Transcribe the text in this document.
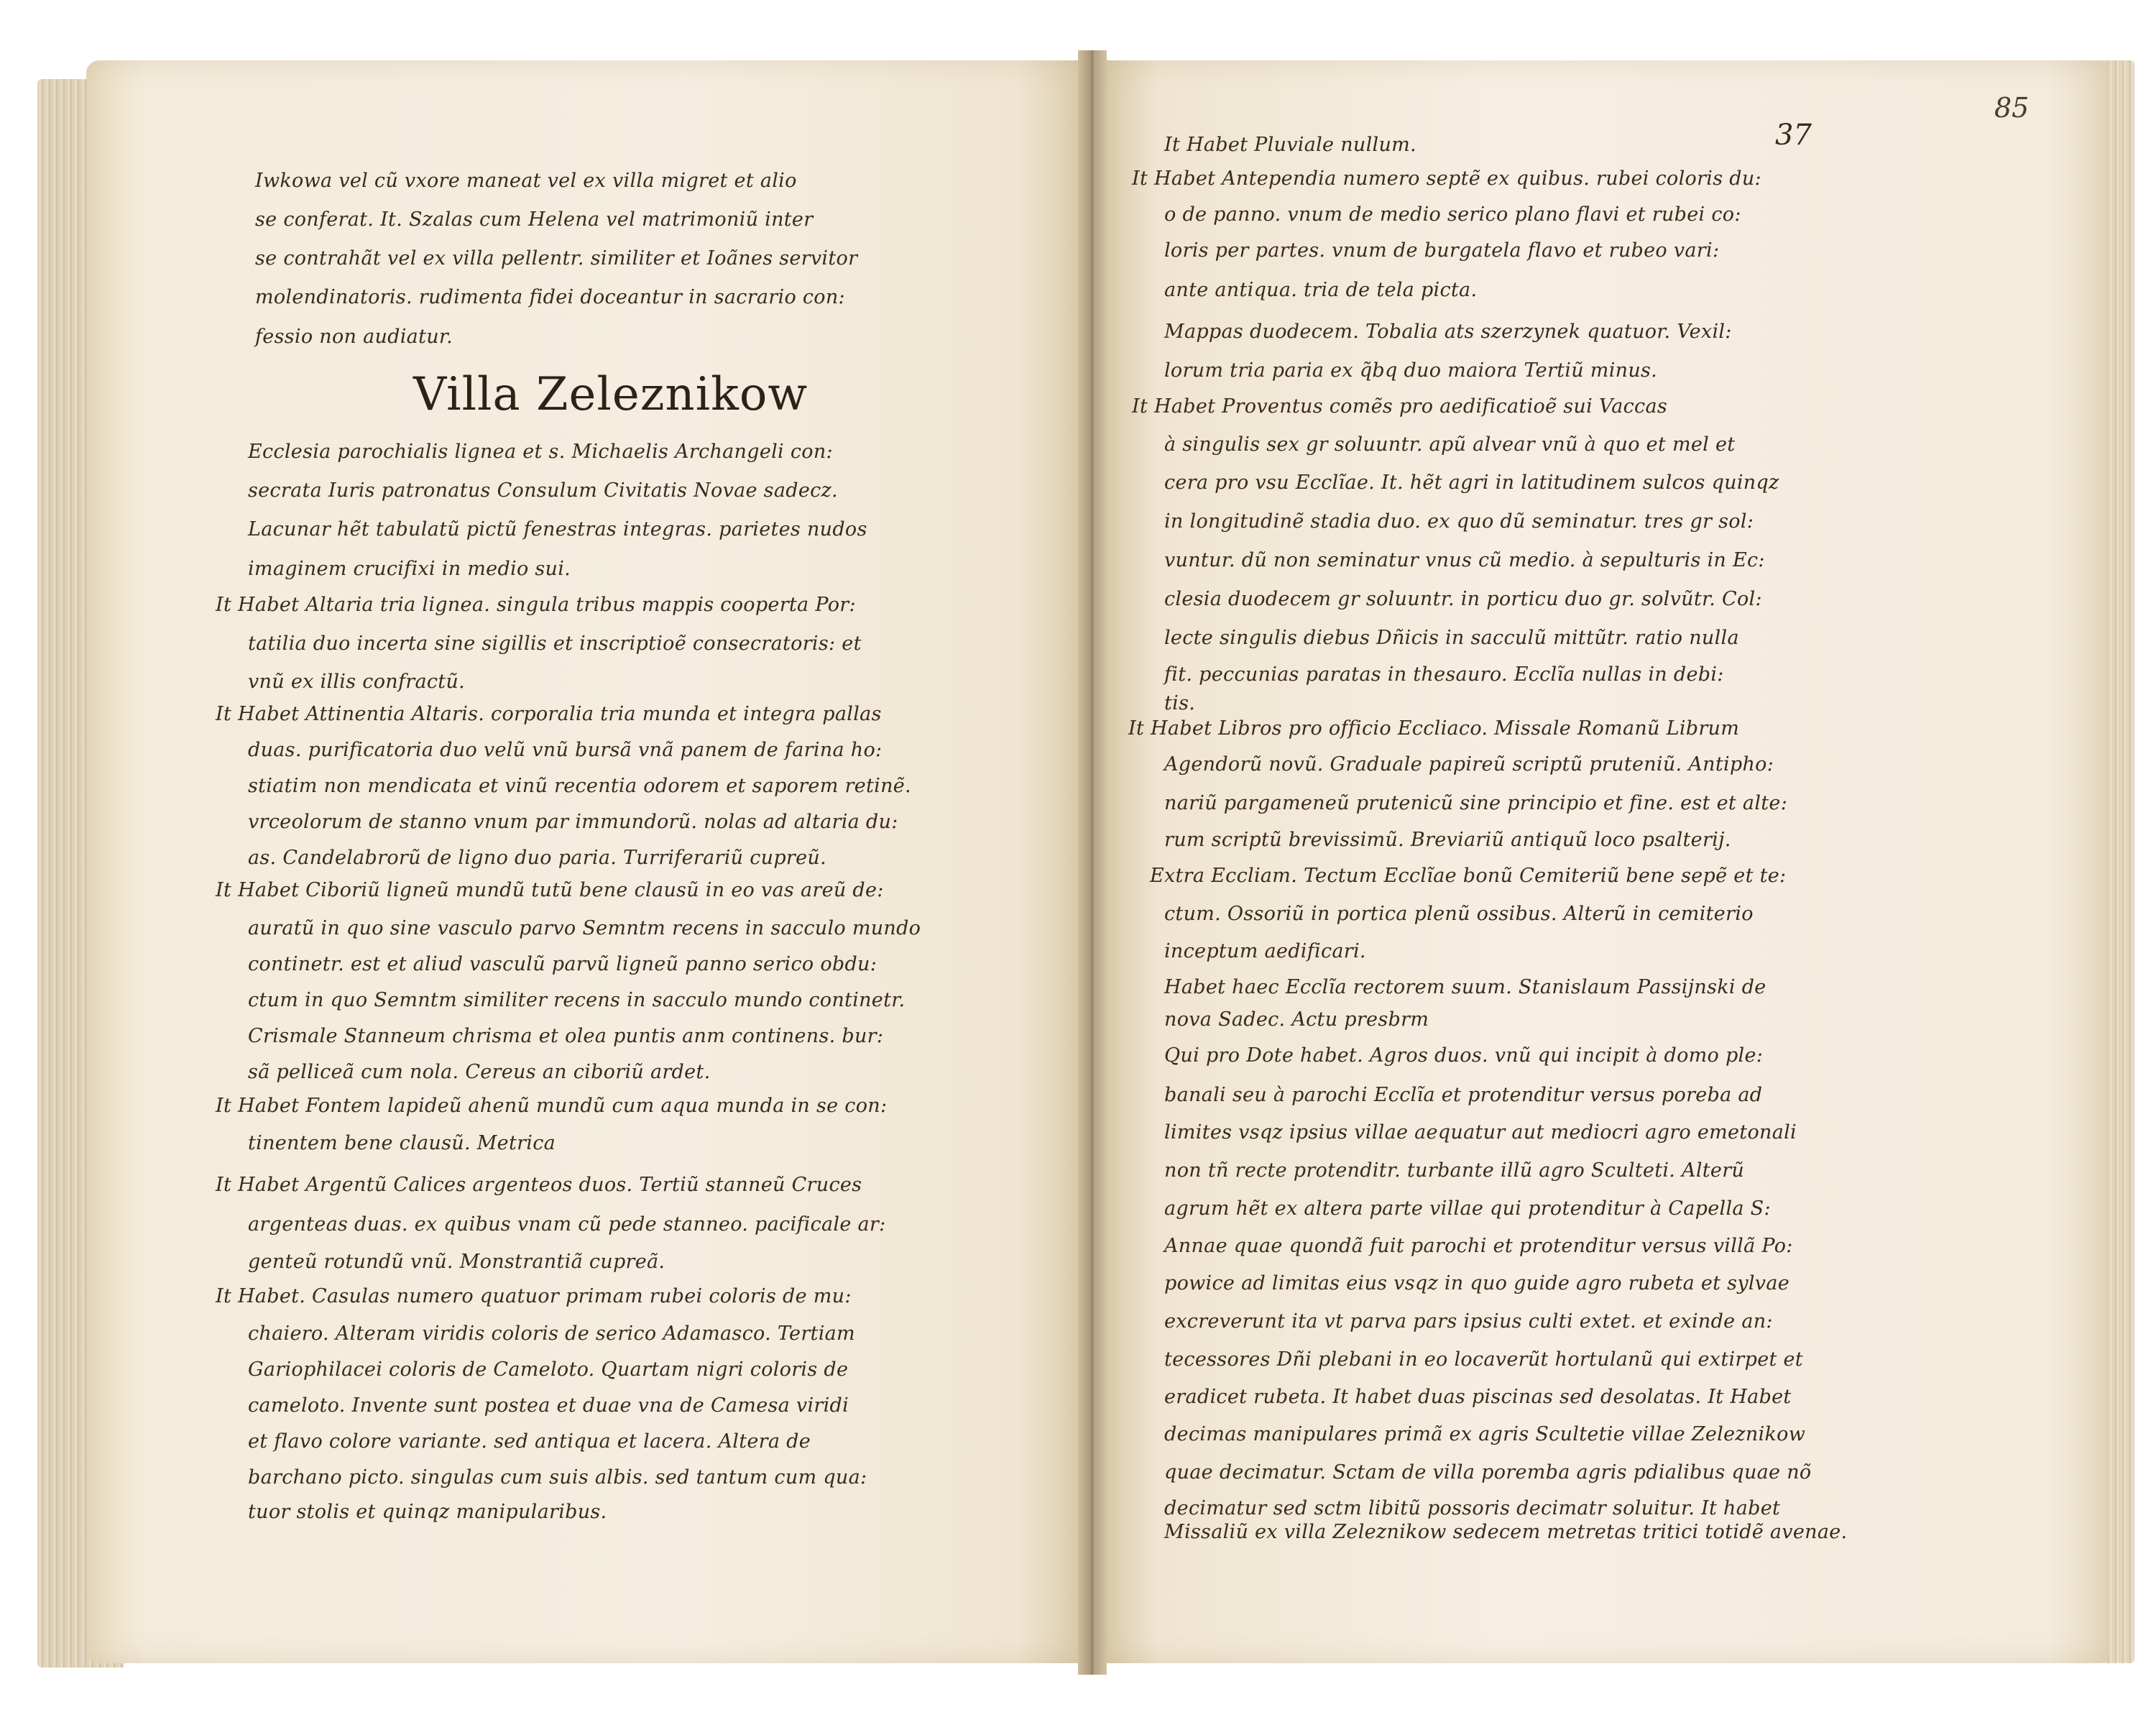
85
37
Iwkowa vel cũ vxore maneat vel ex villa migret et alio
se conferat. It. Szalas cum Helena vel matrimoniũ inter
se contrahãt vel ex villa pellentr. similiter et Ioãnes servitor
molendinatoris. rudimenta fidei doceantur in sacrario con:
fessio non audiatur.
Villa Zeleznikow
Ecclesia parochialis lignea et s. Michaelis Archangeli con:
secrata Iuris patronatus Consulum Civitatis Novae sadecz.
Lacunar hẽt tabulatũ pictũ fenestras integras. parietes nudos
imaginem crucifixi in medio sui.
It Habet Altaria tria lignea. singula tribus mappis cooperta Por:
tatilia duo incerta sine sigillis et inscriptioẽ consecratoris: et
vnũ ex illis confractũ.
It Habet Attinentia Altaris. corporalia tria munda et integra pallas
duas. purificatoria duo velũ vnũ bursã vnã panem de farina ho:
stiatim non mendicata et vinũ recentia odorem et saporem retinẽ.
vrceolorum de stanno vnum par immundorũ. nolas ad altaria du:
as. Candelabrorũ de ligno duo paria. Turriferariũ cupreũ.
It Habet Ciboriũ ligneũ mundũ tutũ bene clausũ in eo vas areũ de:
auratũ in quo sine vasculo parvo Semntm recens in sacculo mundo
continetr. est et aliud vasculũ parvũ ligneũ panno serico obdu:
ctum in quo Semntm similiter recens in sacculo mundo continetr.
Crismale Stanneum chrisma et olea puntis anm continens. bur:
sã pelliceã cum nola. Cereus an ciboriũ ardet.
It Habet Fontem lapideũ ahenũ mundũ cum aqua munda in se con:
tinentem bene clausũ. Metrica
It Habet Argentũ Calices argenteos duos. Tertiũ stanneũ Cruces
argenteas duas. ex quibus vnam cũ pede stanneo. pacificale ar:
genteũ rotundũ vnũ. Monstrantiã cupreã.
It Habet. Casulas numero quatuor primam rubei coloris de mu:
chaiero. Alteram viridis coloris de serico Adamasco. Tertiam
Gariophilacei coloris de Cameloto. Quartam nigri coloris de
cameloto. Invente sunt postea et duae vna de Camesa viridi
et flavo colore variante. sed antiqua et lacera. Altera de
barchano picto. singulas cum suis albis. sed tantum cum qua:
tuor stolis et quinqz manipularibus.
It Habet Pluviale nullum.
It Habet Antependia numero septẽ ex quibus. rubei coloris du:
o de panno. vnum de medio serico plano flavi et rubei co:
loris per partes. vnum de burgatela flavo et rubeo vari:
ante antiqua. tria de tela picta.
Mappas duodecem. Tobalia ats szerzynek quatuor. Vexil:
lorum tria paria ex q̃bq duo maiora Tertiũ minus.
It Habet Proventus comẽs pro aedificatioẽ sui Vaccas
à singulis sex gr soluuntr. apũ alvear vnũ à quo et mel et
cera pro vsu Ecclĩae. It. hẽt agri in latitudinem sulcos quinqz
in longitudinẽ stadia duo. ex quo dũ seminatur. tres gr sol:
vuntur. dũ non seminatur vnus cũ medio. à sepulturis in Ec:
clesia duodecem gr soluuntr. in porticu duo gr. solvũtr. Col:
lecte singulis diebus Dñicis in sacculũ mittũtr. ratio nulla
fit. peccunias paratas in thesauro. Ecclĩa nullas in debi:
tis.
It Habet Libros pro officio Eccliaco. Missale Romanũ Librum
Agendorũ novũ. Graduale papireũ scriptũ pruteniũ. Antipho:
nariũ pargameneũ prutenicũ sine principio et fine. est et alte:
rum scriptũ brevissimũ. Breviariũ antiquũ loco psalterij.
Extra Eccliam. Tectum Ecclĩae bonũ Cemiteriũ bene sepẽ et te:
ctum. Ossoriũ in portica plenũ ossibus. Alterũ in cemiterio
inceptum aedificari.
Habet haec Ecclĩa rectorem suum. Stanislaum Passijnski de
nova Sadec. Actu presbrm
Qui pro Dote habet. Agros duos. vnũ qui incipit à domo ple:
banali seu à parochi Ecclĩa et protenditur versus poreba ad
limites vsqz ipsius villae aequatur aut mediocri agro emetonali
non tñ recte protenditr. turbante illũ agro Sculteti. Alterũ
agrum hẽt ex altera parte villae qui protenditur à Capella S:
Annae quae quondã fuit parochi et protenditur versus villã Po:
powice ad limitas eius vsqz in quo guide agro rubeta et sylvae
excreverunt ita vt parva pars ipsius culti extet. et exinde an:
tecessores Dñi plebani in eo locaverũt hortulanũ qui extirpet et
eradicet rubeta. It habet duas piscinas sed desolatas. It Habet
decimas manipulares primã ex agris Scultetie villae Zeleznikow
quae decimatur. Sctam de villa poremba agris pdialibus quae nõ
decimatur sed sctm libitũ possoris decimatr soluitur. It habet
Missaliũ ex villa Zeleznikow sedecem metretas tritici totidẽ avenae.
